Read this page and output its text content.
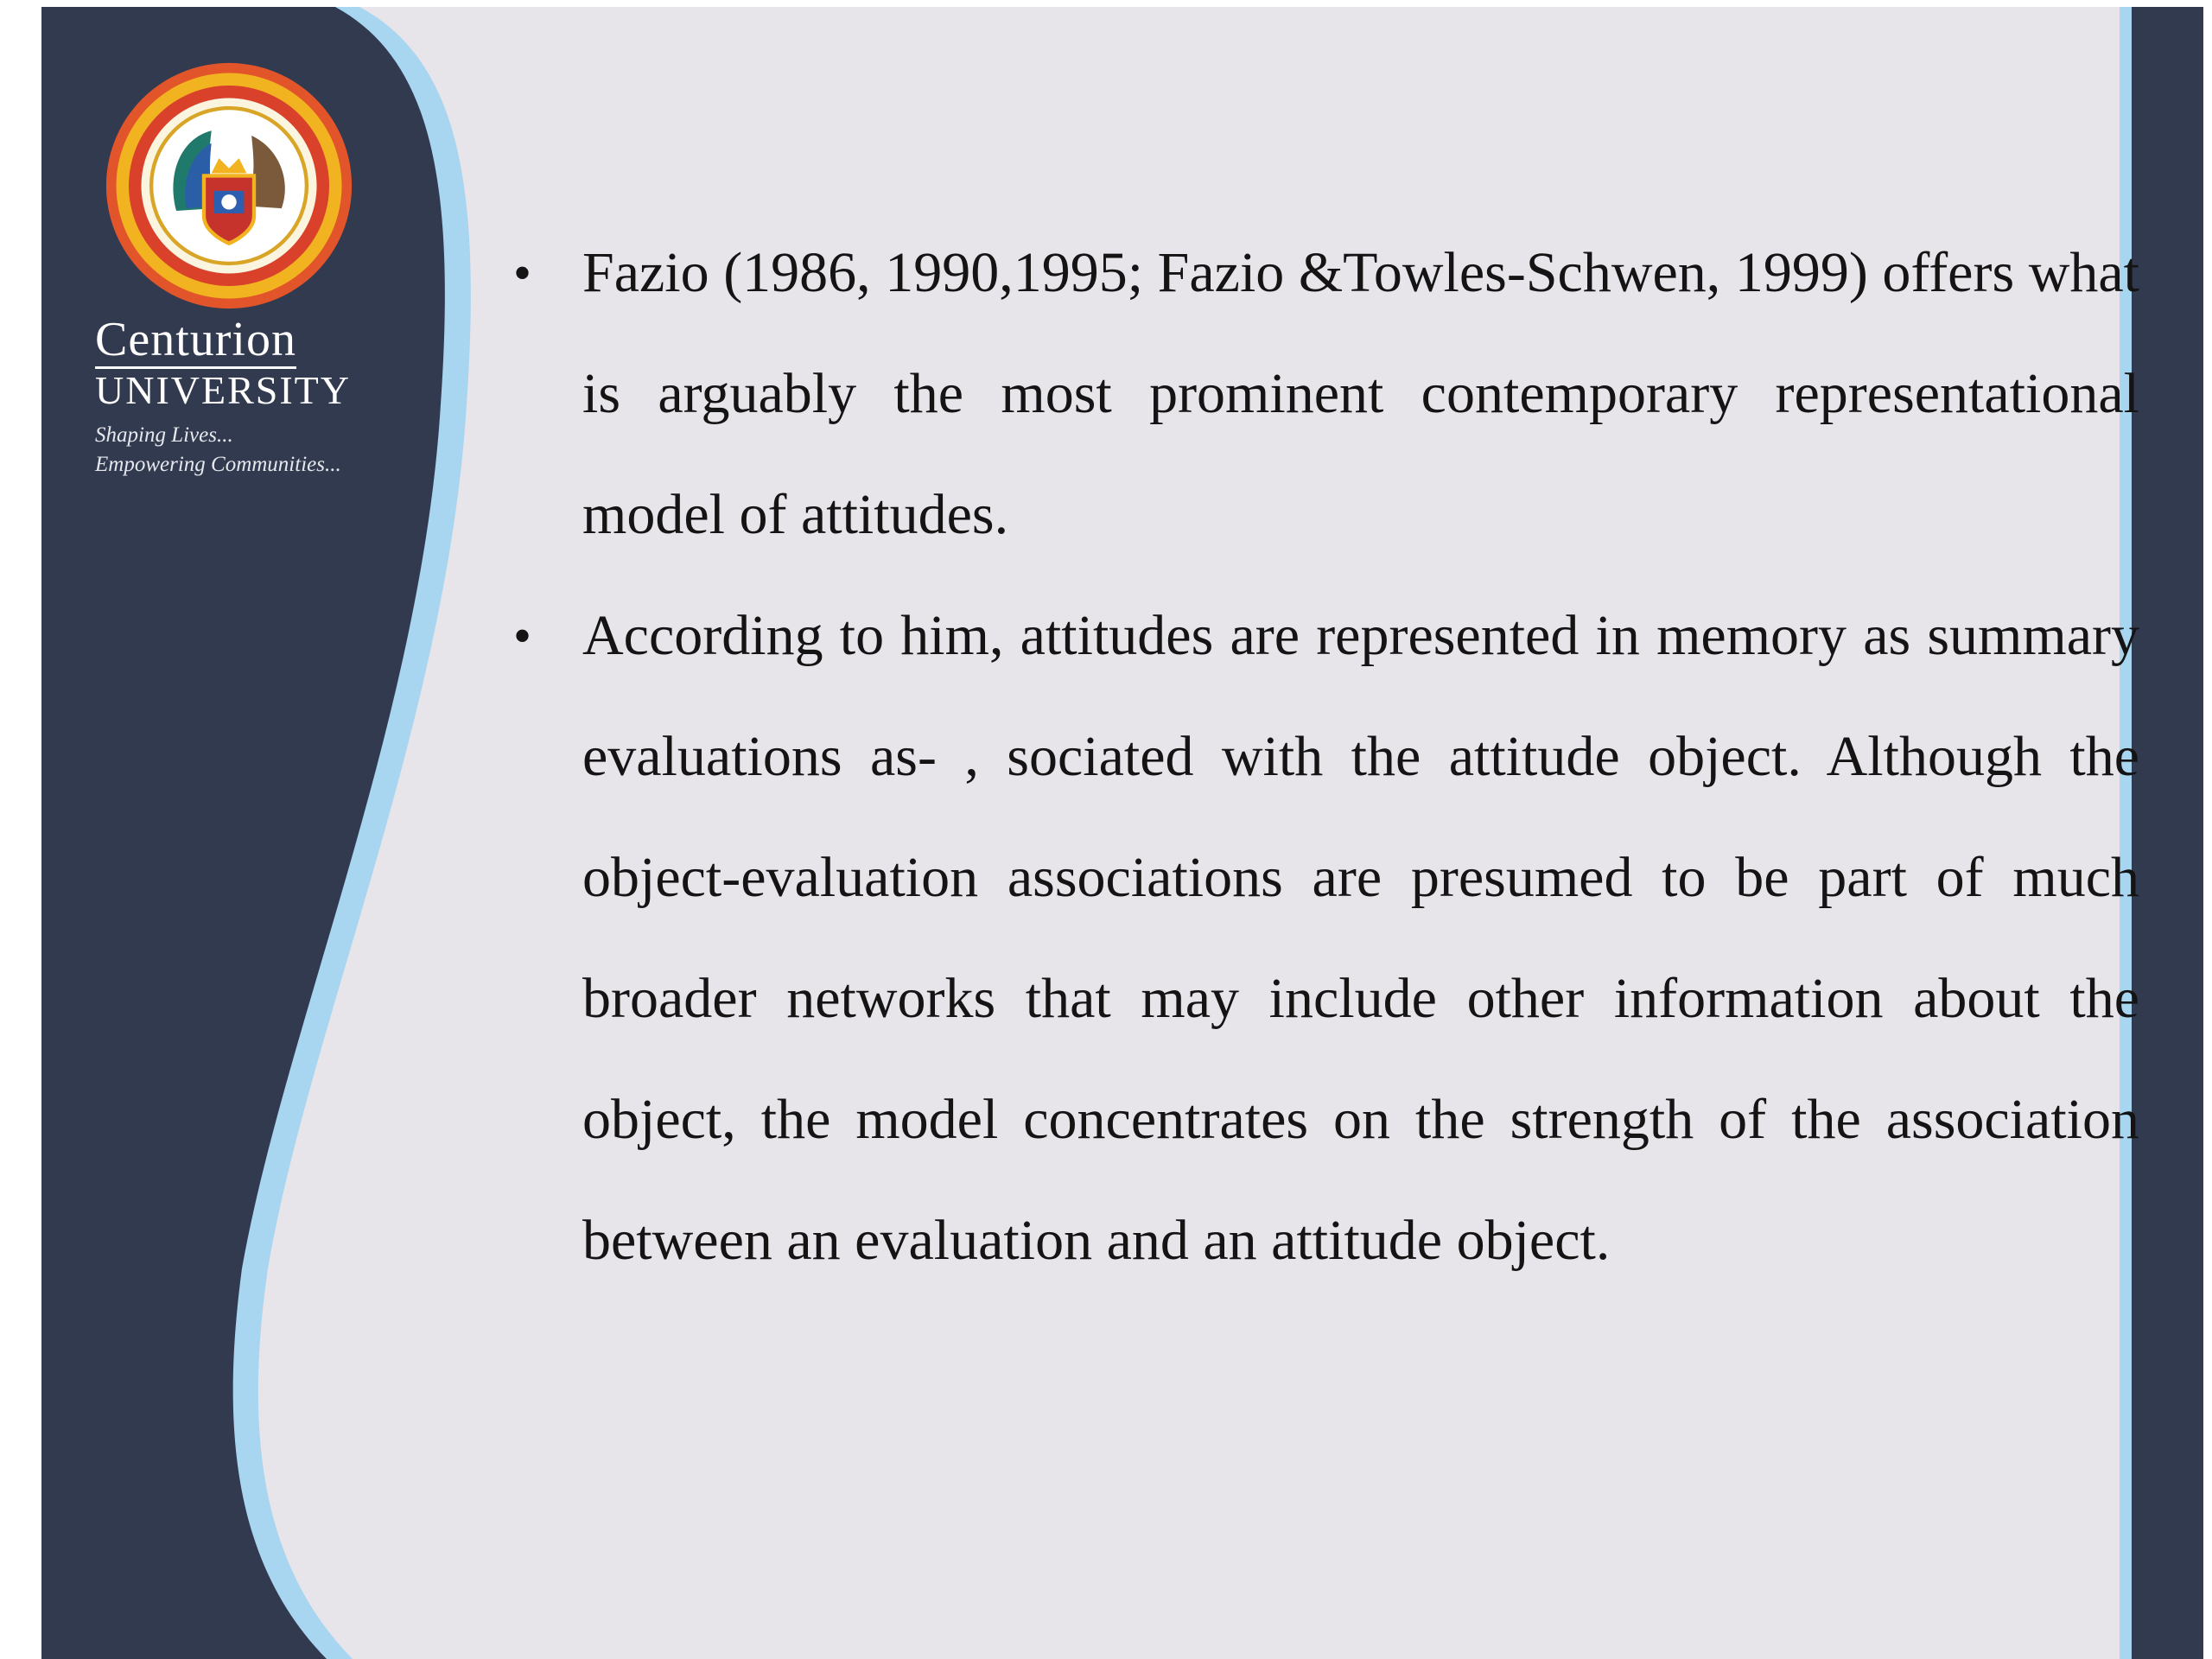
Centurion
UNIVERSITY
Shaping Lives...
Empowering Communities...
• Fazio (1986, 1990,1995; Fazio &Towles-Schwen, 1999) offers what is arguably the most prominent contemporary representational model of attitudes.
• According to him, attitudes are represented in memory as summary evaluations as- , sociated with the attitude object. Although the object-evaluation associations are presumed to be part of much broader networks that may include other information about the object, the model concentrates on the strength of the association between an evaluation and an attitude object.
